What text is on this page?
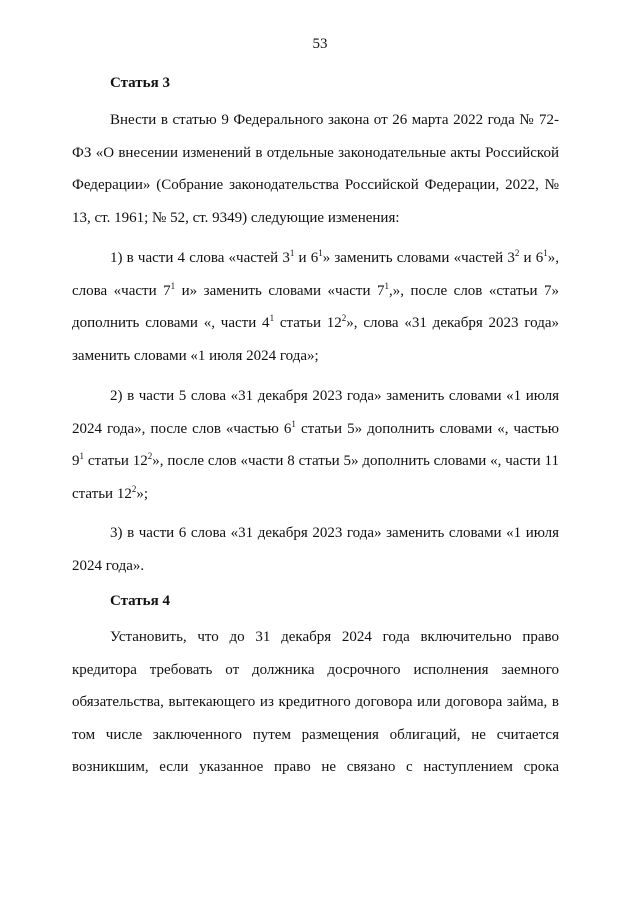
53
Статья 3

Внести в статью 9 Федерального закона от 26 марта 2022 года № 72-ФЗ «О внесении изменений в отдельные законодательные акты Российской Федерации» (Собрание законодательства Российской Федерации, 2022, № 13, ст. 1961; № 52, ст. 9349) следующие изменения:

1) в части 4 слова «частей $3^1$ и $6^1$» заменить словами «частей $3^2$ и $6^1$», слова «части $7^1$ и» заменить словами «части $7^1$,», после слов «статьи 7» дополнить словами «, части $4^1$ статьи $12^2$», слова «31 декабря 2023 года» заменить словами «1 июля 2024 года»;

2) в части 5 слова «31 декабря 2023 года» заменить словами «1 июля 2024 года», после слов «частью $6^1$ статьи 5» дополнить словами «, частью $9^1$ статьи $12^2$», после слов «части 8 статьи 5» дополнить словами «, части 11 статьи $12^2$»;

3) в части 6 слова «31 декабря 2023 года» заменить словами «1 июля 2024 года».

Статья 4

Установить, что до 31 декабря 2024 года включительно право кредитора требовать от должника досрочного исполнения заемного обязательства, вытекающего из кредитного договора или договора займа, в том числе заключенного путем размещения облигаций, не считается возникшим, если указанное право не связано с наступлением срока
